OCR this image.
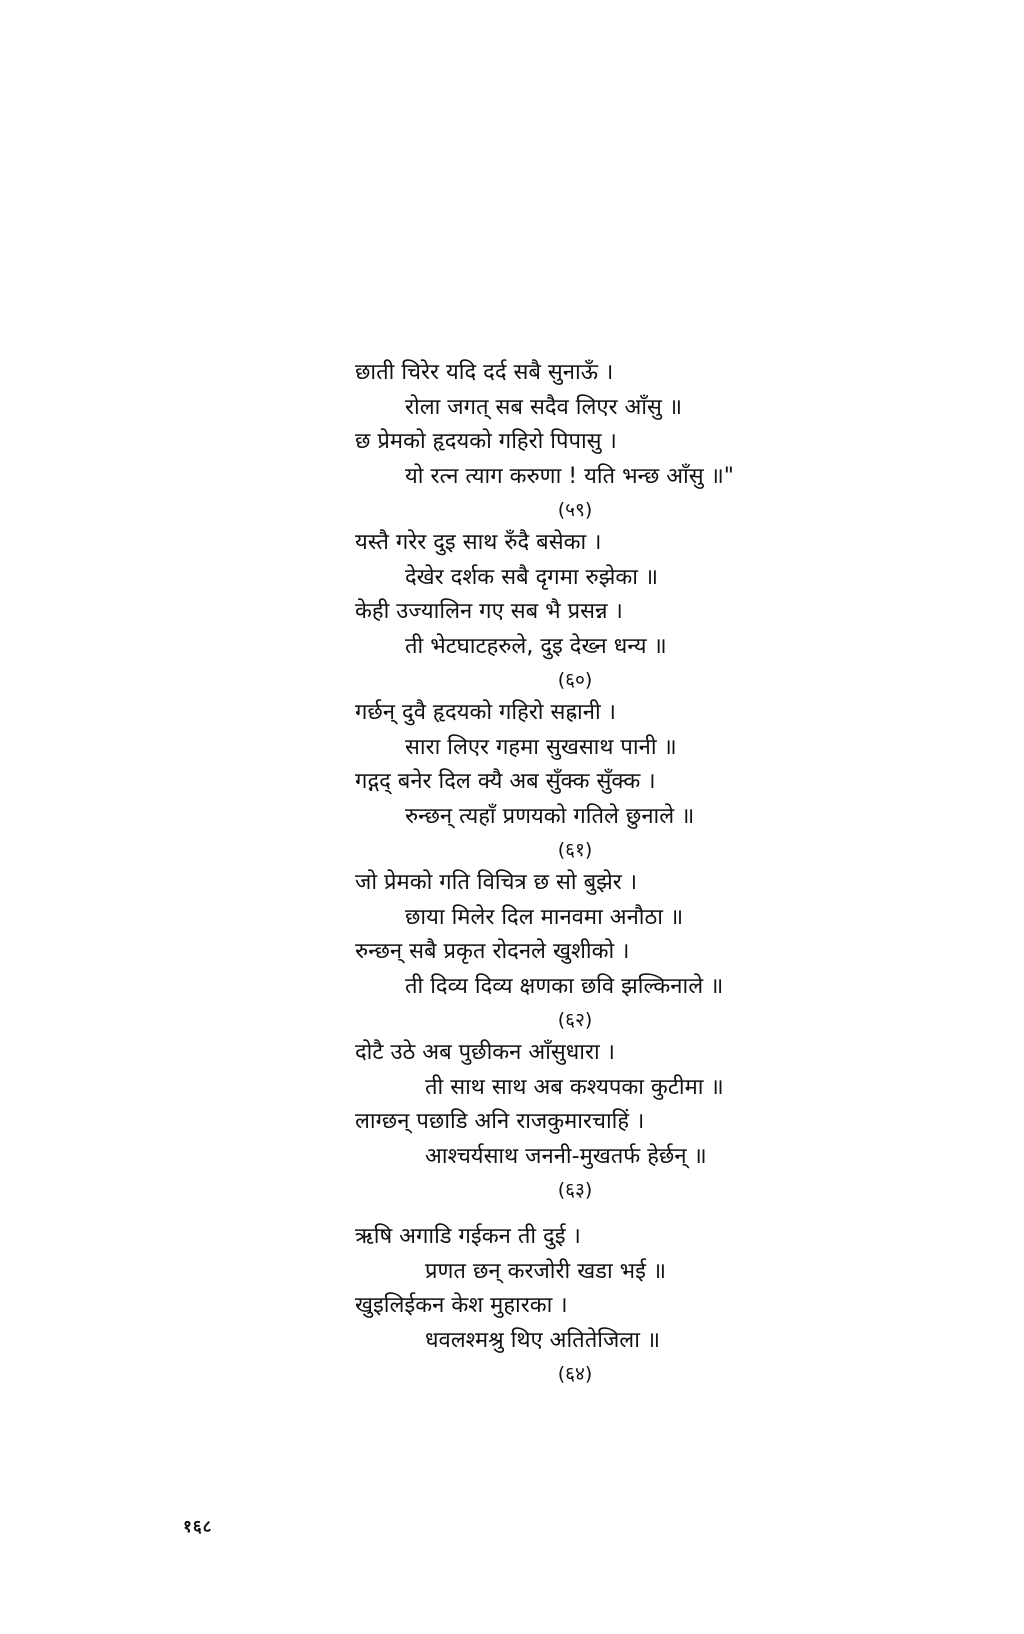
छाती चिरेर यदि दर्द सबै सुनाऊँ ।
रोला जगत् सब सदैव लिएर आँसु ॥
छ प्रेमको हृदयको गहिरो पिपासु ।
यो रत्न त्याग करुणा ! यति भन्छ आँसु ॥"
(५९)
यस्तै गरेर दुइ साथ रुँदै बसेका ।
देखेर दर्शक सबै दृगमा रुझेका ॥
केही उज्यालिन गए सब भै प्रसन्न ।
ती भेटघाटहरुले, दुइ देख्न धन्य ॥
(६०)
गर्छन् दुवै हृदयको गहिरो सह्रानी ।
सारा लिएर गहमा सुखसाथ पानी ॥
गद्गद् बनेर दिल क्यै अब सुँक्क सुँक्क ।
रुन्छन् त्यहाँ प्रणयको गतिले छुनाले ॥
(६१)
जो प्रेमको गति विचित्र छ सो बुझेर ।
छाया मिलेर दिल मानवमा अनौठा ॥
रुन्छन् सबै प्रकृत रोदनले खुशीको ।
ती दिव्य दिव्य क्षणका छवि झल्किनाले ॥
(६२)
दोटै उठे अब पुछीकन आँसुधारा ।
ती साथ साथ अब कश्यपका कुटीमा ॥
लाग्छन् पछाडि अनि राजकुमारचाहिं ।
आश्चर्यसाथ जननी-मुखतर्फ हेर्छन् ॥
(६३)
ऋषि अगाडि गईकन ती दुई ।
प्रणत छन् करजोरी खडा भई ॥
खुइलिईकन केश मुहारका ।
धवलश्मश्रु थिए अतितेजिला ॥
(६४)
१६८
